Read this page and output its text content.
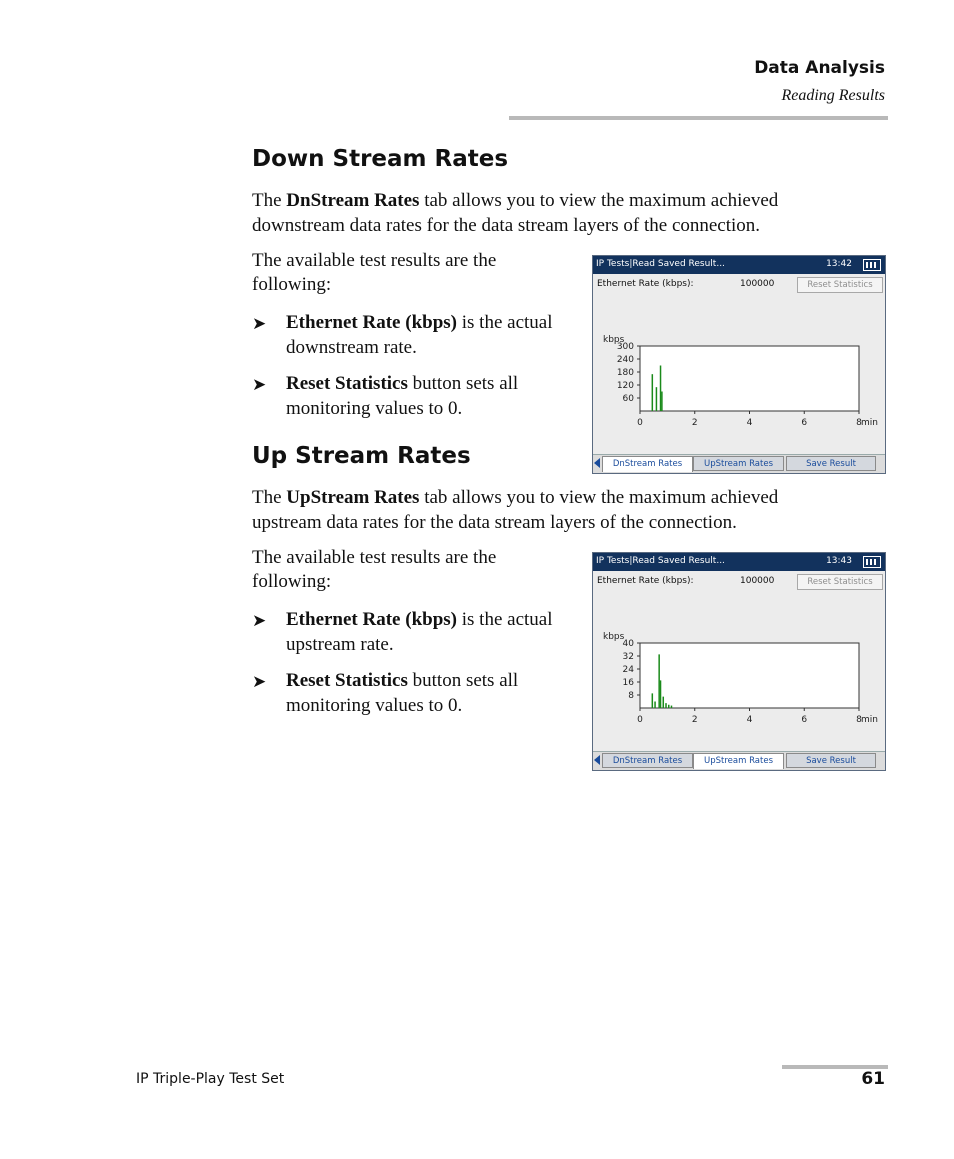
Data Analysis
Reading Results
Down Stream Rates

The DnStream Rates tab allows you to view the maximum achieved downstream data rates for the data stream layers of the connection.

The available test results are the following:

➤ Ethernet Rate (kbps) is the actual downstream rate.
➤ Reset Statistics button sets all monitoring values to 0.
IP Tests|Read Saved Result...	13:42
Ethernet Rate (kbps):	100000	Reset Statistics
kbps
60
120
180
240
300
0	2	4	6	8 min
DnStream Rates	UpStream Rates	Save Result
Up Stream Rates

The UpStream Rates tab allows you to view the maximum achieved upstream data rates for the data stream layers of the connection.

The available test results are the following:

➤ Ethernet Rate (kbps) is the actual upstream rate.
➤ Reset Statistics button sets all monitoring values to 0.
IP Tests|Read Saved Result...	13:43
Ethernet Rate (kbps):	100000	Reset Statistics
kbps
8
16
24
32
40
0	2	4	6	8 min
DnStream Rates	UpStream Rates	Save Result
IP Triple-Play Test Set	61
